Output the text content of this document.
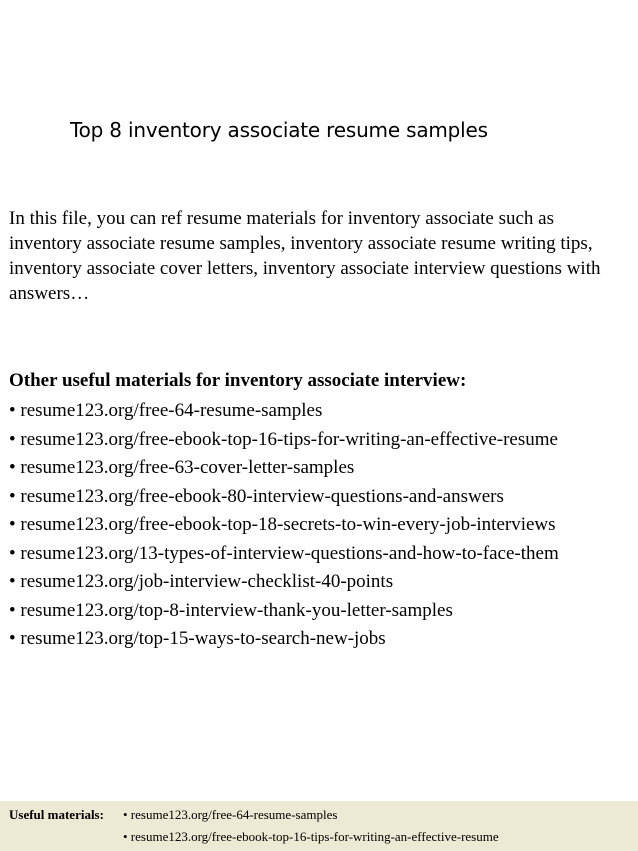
Top 8 inventory associate resume samples

In this file, you can ref resume materials for inventory associate such as inventory associate resume samples, inventory associate resume writing tips, inventory associate cover letters, inventory associate interview questions with answers…

Other useful materials for inventory associate interview:
• resume123.org/free-64-resume-samples
• resume123.org/free-ebook-top-16-tips-for-writing-an-effective-resume
• resume123.org/free-63-cover-letter-samples
• resume123.org/free-ebook-80-interview-questions-and-answers
• resume123.org/free-ebook-top-18-secrets-to-win-every-job-interviews
• resume123.org/13-types-of-interview-questions-and-how-to-face-them
• resume123.org/job-interview-checklist-40-points
• resume123.org/top-8-interview-thank-you-letter-samples
• resume123.org/top-15-ways-to-search-new-jobs
Useful materials: • resume123.org/free-64-resume-samples
• resume123.org/free-ebook-top-16-tips-for-writing-an-effective-resume
